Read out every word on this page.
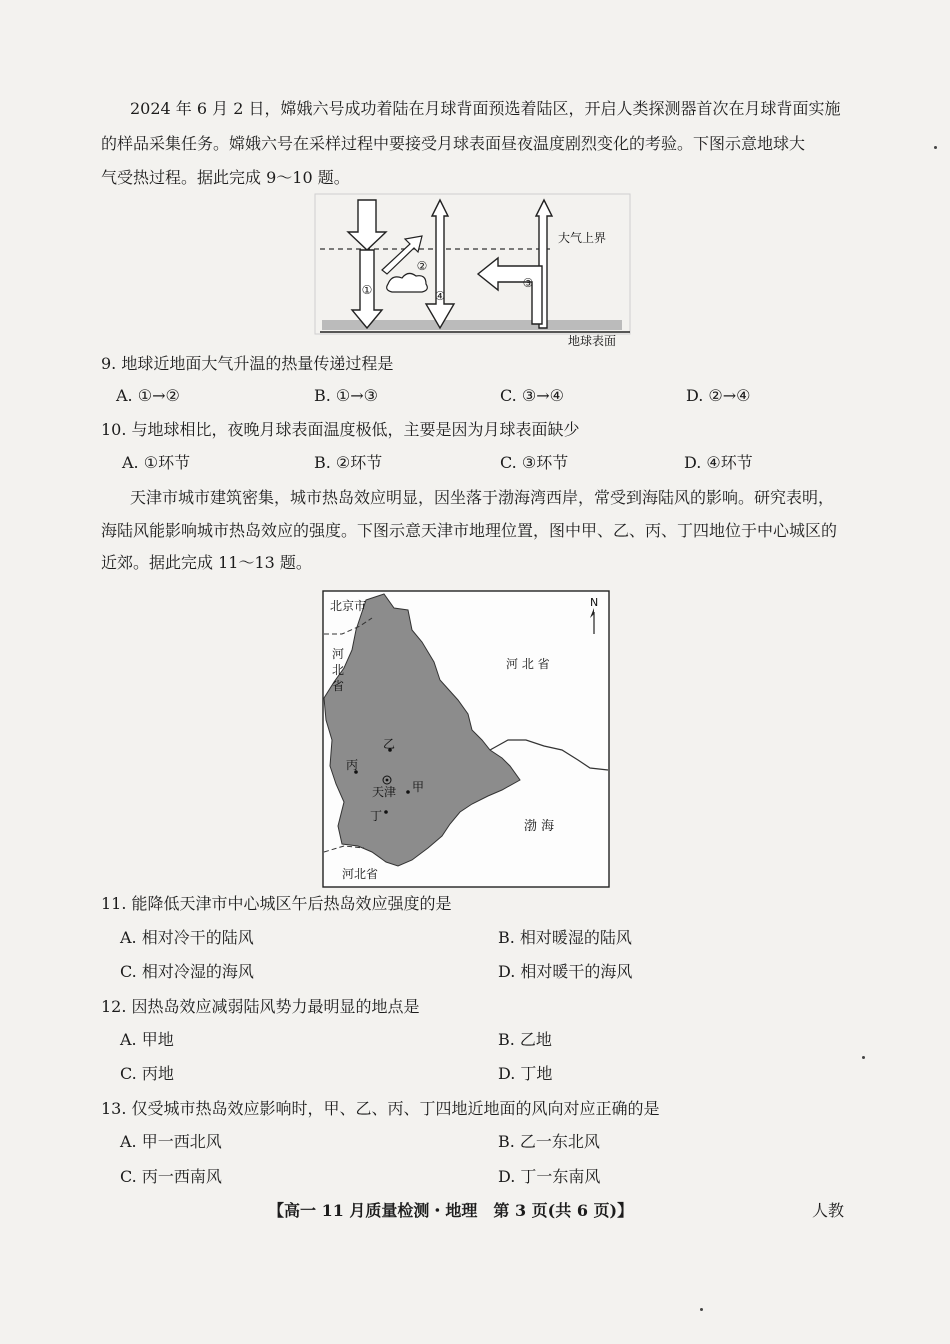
2024 年 6 月 2 日，嫦娥六号成功着陆在月球背面预选着陆区，开启人类探测器首次在月球背面实施
的样品采集任务。嫦娥六号在采样过程中要接受月球表面昼夜温度剧烈变化的考验。下图示意地球大
气受热过程。据此完成 9～10 题。
①
②
④
③
大气上界
地球表面
9. 地球近地面大气升温的热量传递过程是
A. ①→②	B. ①→③	C. ③→④	D. ②→④
10. 与地球相比，夜晚月球表面温度极低，主要是因为月球表面缺少
A. ①环节	B. ②环节	C. ③环节	D. ④环节
天津市城市建筑密集，城市热岛效应明显，因坐落于渤海湾西岸，常受到海陆风的影响。研究表明，
海陆风能影响城市热岛效应的强度。下图示意天津市地理位置，图中甲、乙、丙、丁四地位于中心城区的
近郊。据此完成 11～13 题。
N
北京市
河
北
省
河 北 省
河北省
渤 海
天津 甲
乙
丙
丁
11. 能降低天津市中心城区午后热岛效应强度的是
A. 相对冷干的陆风	B. 相对暖湿的陆风
C. 相对冷湿的海风	D. 相对暖干的海风
12. 因热岛效应减弱陆风势力最明显的地点是
A. 甲地	B. 乙地
C. 丙地	D. 丁地
13. 仅受城市热岛效应影响时，甲、乙、丙、丁四地近地面的风向对应正确的是
A. 甲一西北风	B. 乙一东北风
C. 丙一西南风	D. 丁一东南风
【高一 11 月质量检测・地理　第 3 页(共 6 页)】	人教
